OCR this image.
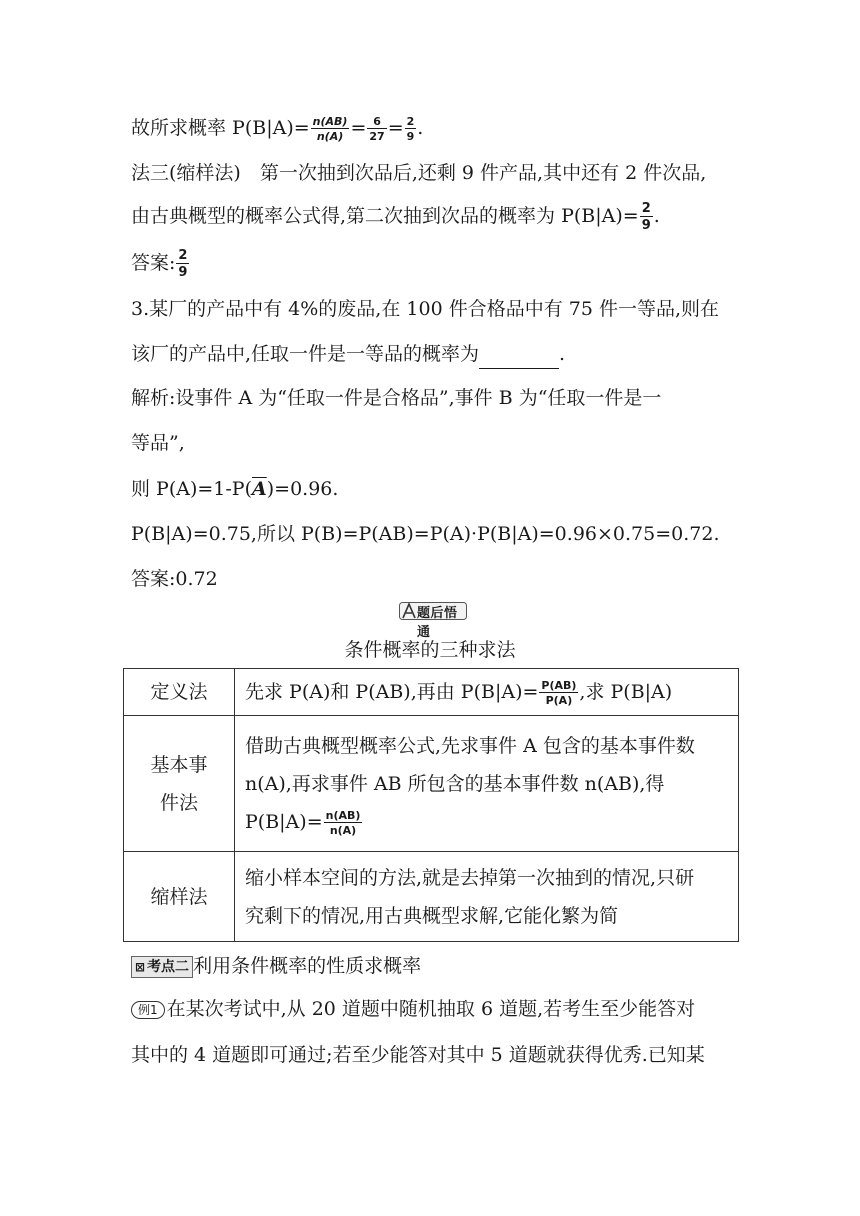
故所求概率 $P(B|A)= \frac{n(AB)}{n(A)} = \frac{6}{27} = \frac{2}{9}$ .
法三(缩样法)　第一次抽到次品后,还剩 9 件产品,其中还有 2 件次品,
由古典概型的概率公式得,第二次抽到次品的概率为 $P(B|A)= \frac{2}{9}$ .
答案: $\frac{2}{9}$
3.某厂的产品中有 4%的废品,在 100 件合格品中有 75 件一等品,则在
该厂的产品中,任取一件是一等品的概率为	.
解析:设事件 A 为“任取一件是合格品”,事件 B 为“任取一件是一
等品”,
则 $P(A)=1-P(\overline{A})=0.96$.
P(B|A)=0.75,所以 P(B)=P(AB)=P(A)·P(B|A)=0.96×0.75=0.72.
答案:0.72
题后悟通
条件概率的三种求法
定义法	先求 P(A)和 P(AB),再由 $P(B|A)= \frac{P(AB)}{P(A)}$ ,求 P(B|A)
基本事
件法	借助古典概型概率公式,先求事件 A 包含的基本事件数
n(A),再求事件 AB 所包含的基本事件数 n(AB),得
$P(B|A)= \frac{n(AB)}{n(A)}$

缩样法	缩小样本空间的方法,就是去掉第一次抽到的情况,只研
究剩下的情况,用古典概型求解,它能化繁为简
⊠ 考点二 利用条件概率的性质求概率
例1 在某次考试中,从 20 道题中随机抽取 6 道题,若考生至少能答对
其中的 4 道题即可通过;若至少能答对其中 5 道题就获得优秀.已知某
